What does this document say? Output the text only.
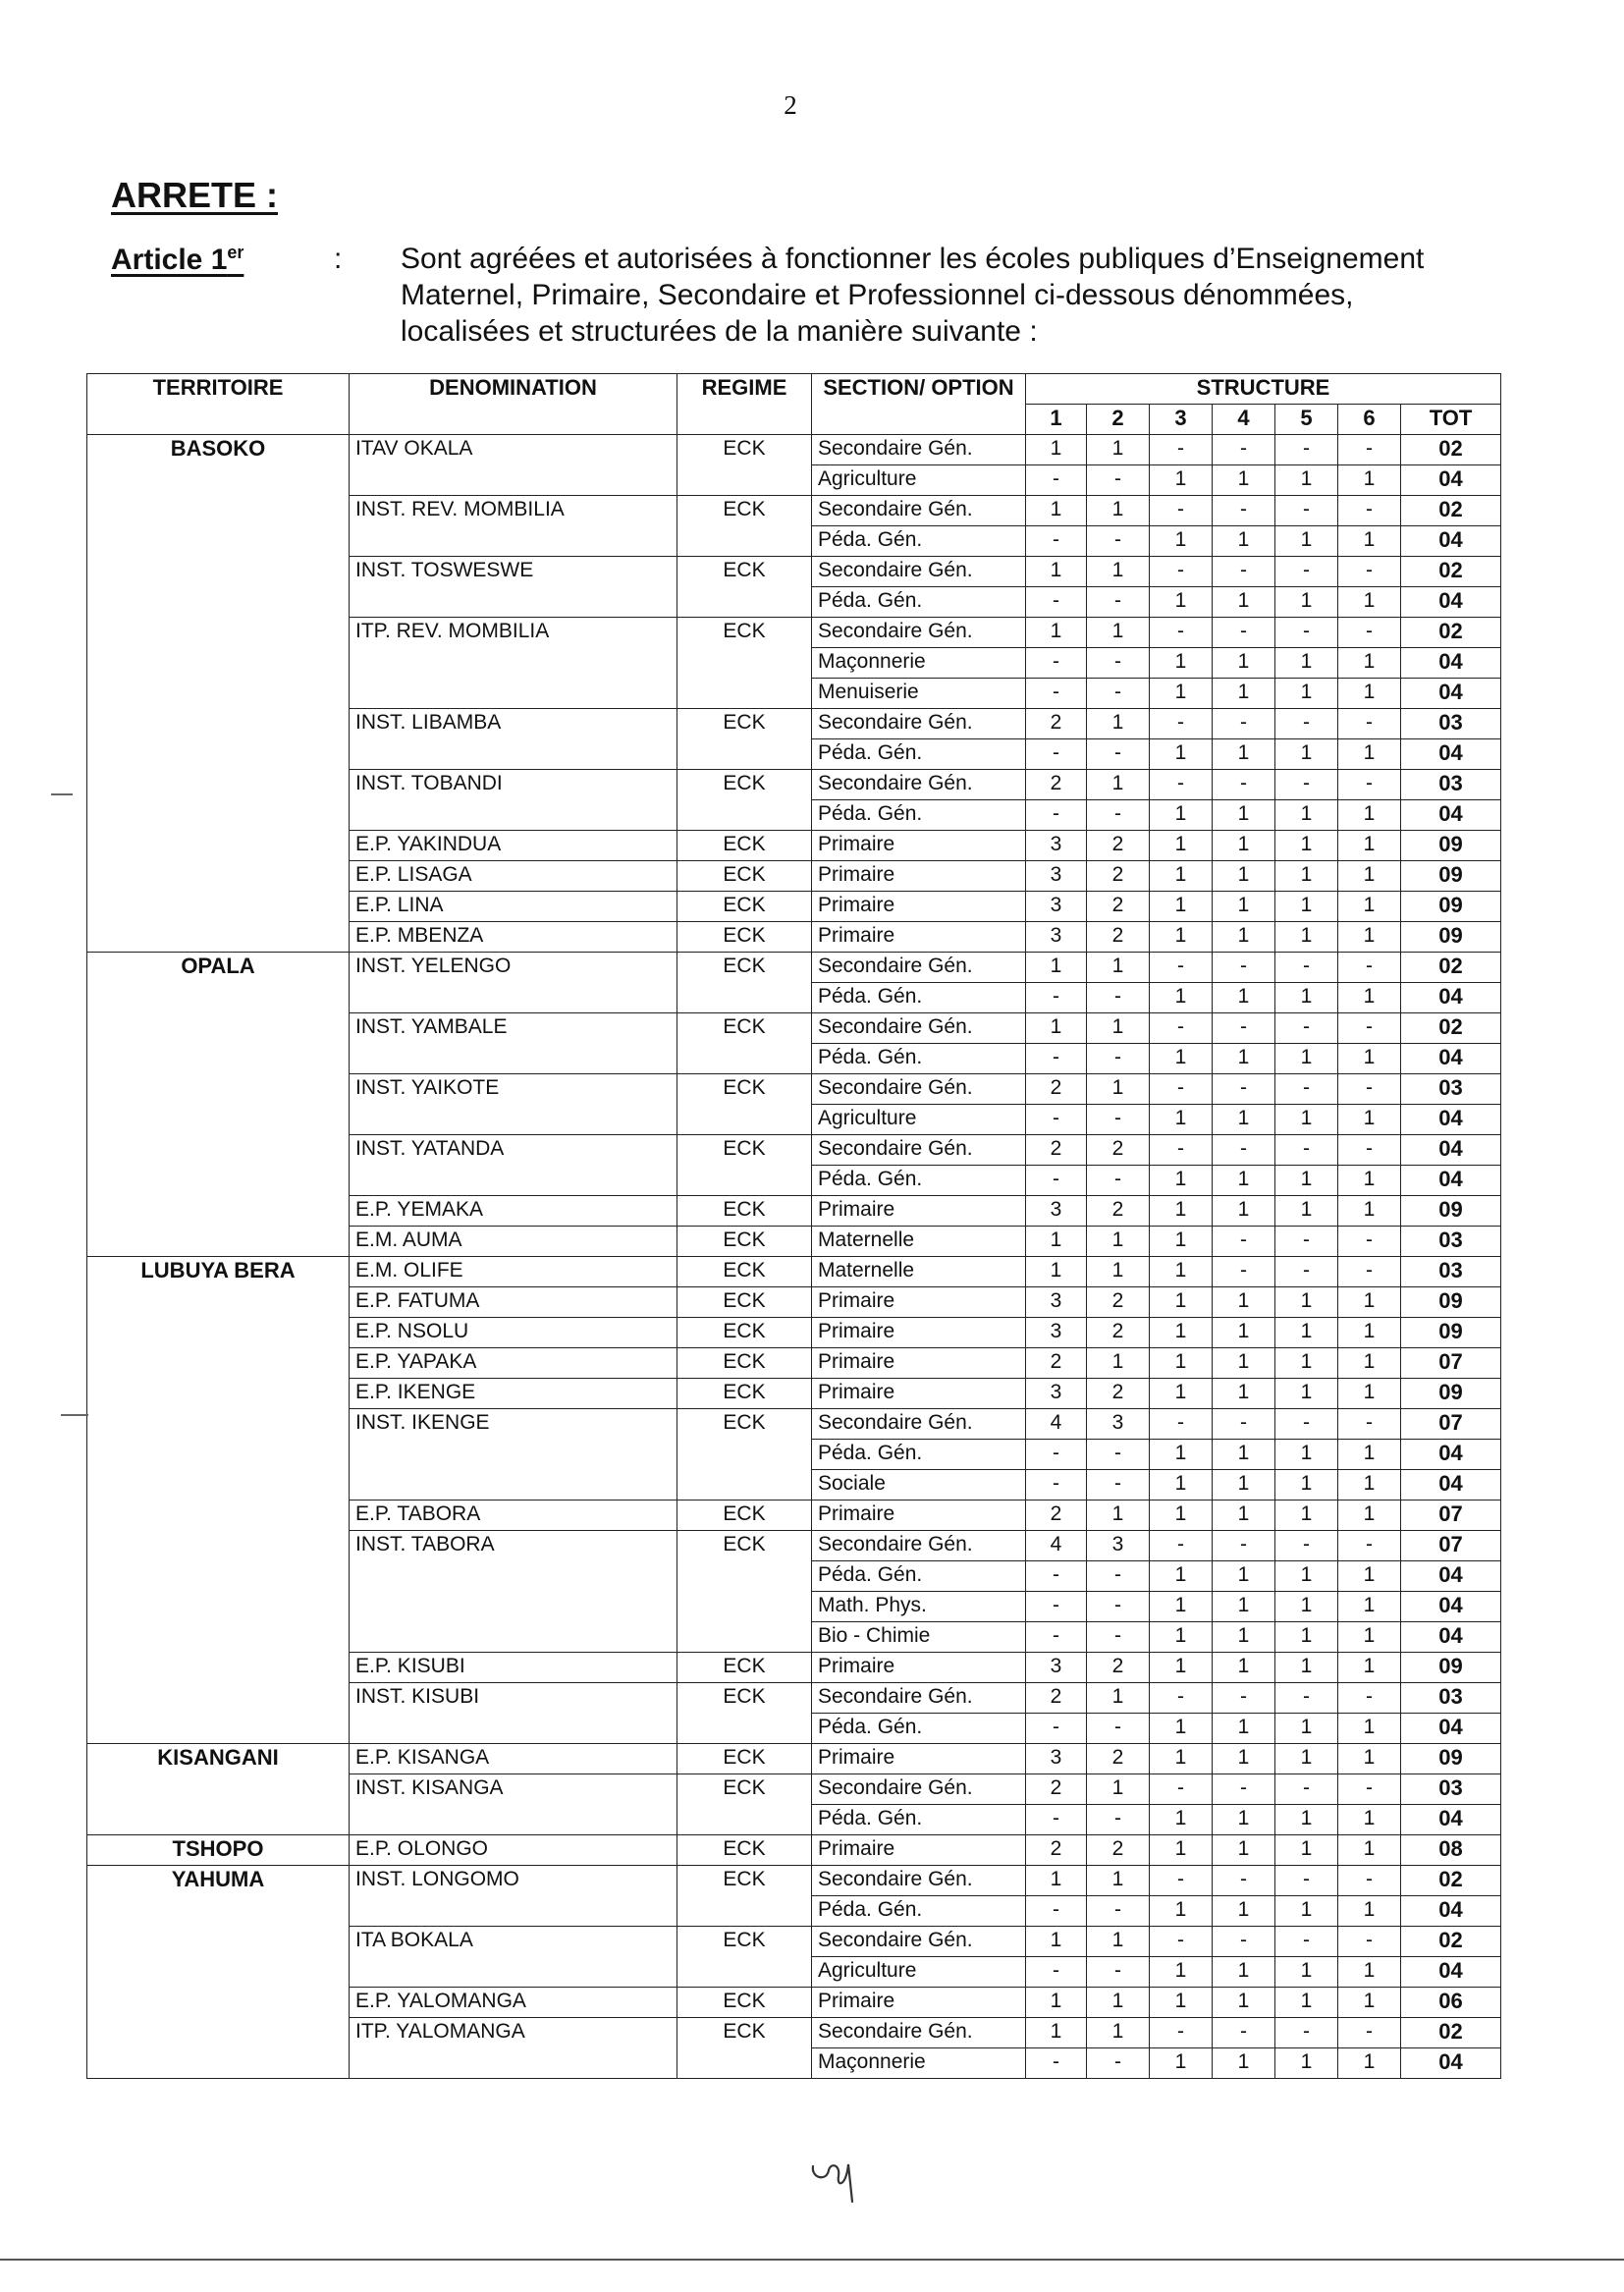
2
ARRETE :
Article 1er	: Sont agréées et autorisées à fonctionner les écoles publiques d’Enseignement Maternel, Primaire, Secondaire et Professionnel ci-dessous dénommées, localisées et structurées de la manière suivante :
TERRITOIRE	DENOMINATION	REGIME	SECTION/ OPTION	STRUCTURE						
				1	2	3	4	5	6	TOT
BASOKO	ITAV OKALA	ECK	Secondaire Gén.	1	1	-	-	-	-	02
			Agriculture	-	-	1	1	1	1	04
	INST. REV. MOMBILIA	ECK	Secondaire Gén.	1	1	-	-	-	-	02
			Péda. Gén.	-	-	1	1	1	1	04
	INST. TOSWESWE	ECK	Secondaire Gén.	1	1	-	-	-	-	02
			Péda. Gén.	-	-	1	1	1	1	04
	ITP. REV. MOMBILIA	ECK	Secondaire Gén.	1	1	-	-	-	-	02
			Maçonnerie	-	-	1	1	1	1	04
			Menuiserie	-	-	1	1	1	1	04
	INST. LIBAMBA	ECK	Secondaire Gén.	2	1	-	-	-	-	03
			Péda. Gén.	-	-	1	1	1	1	04
	INST. TOBANDI	ECK	Secondaire Gén.	2	1	-	-	-	-	03
			Péda. Gén.	-	-	1	1	1	1	04
	E.P. YAKINDUA	ECK	Primaire	3	2	1	1	1	1	09
	E.P. LISAGA	ECK	Primaire	3	2	1	1	1	1	09
	E.P. LINA	ECK	Primaire	3	2	1	1	1	1	09
	E.P. MBENZA	ECK	Primaire	3	2	1	1	1	1	09
OPALA	INST. YELENGO	ECK	Secondaire Gén.	1	1	-	-	-	-	02
			Péda. Gén.	-	-	1	1	1	1	04
	INST. YAMBALE	ECK	Secondaire Gén.	1	1	-	-	-	-	02
			Péda. Gén.	-	-	1	1	1	1	04
	INST. YAIKOTE	ECK	Secondaire Gén.	2	1	-	-	-	-	03
			Agriculture	-	-	1	1	1	1	04
	INST. YATANDA	ECK	Secondaire Gén.	2	2	-	-	-	-	04
			Péda. Gén.	-	-	1	1	1	1	04
	E.P. YEMAKA	ECK	Primaire	3	2	1	1	1	1	09
	E.M. AUMA	ECK	Maternelle	1	1	1	-	-	-	03
LUBUYA BERA	E.M. OLIFE	ECK	Maternelle	1	1	1	-	-	-	03
	E.P. FATUMA	ECK	Primaire	3	2	1	1	1	1	09
	E.P. NSOLU	ECK	Primaire	3	2	1	1	1	1	09
	E.P. YAPAKA	ECK	Primaire	2	1	1	1	1	1	07
	E.P. IKENGE	ECK	Primaire	3	2	1	1	1	1	09
	INST. IKENGE	ECK	Secondaire Gén.	4	3	-	-	-	-	07
			Péda. Gén.	-	-	1	1	1	1	04
			Sociale	-	-	1	1	1	1	04
	E.P. TABORA	ECK	Primaire	2	1	1	1	1	1	07
	INST. TABORA	ECK	Secondaire Gén.	4	3	-	-	-	-	07
			Péda. Gén.	-	-	1	1	1	1	04
			Math. Phys.	-	-	1	1	1	1	04
			Bio - Chimie	-	-	1	1	1	1	04
	E.P. KISUBI	ECK	Primaire	3	2	1	1	1	1	09
	INST. KISUBI	ECK	Secondaire Gén.	2	1	-	-	-	-	03
			Péda. Gén.	-	-	1	1	1	1	04
KISANGANI	E.P. KISANGA	ECK	Primaire	3	2	1	1	1	1	09
	INST. KISANGA	ECK	Secondaire Gén.	2	1	-	-	-	-	03
			Péda. Gén.	-	-	1	1	1	1	04
TSHOPO	E.P. OLONGO	ECK	Primaire	2	2	1	1	1	1	08
YAHUMA	INST. LONGOMO	ECK	Secondaire Gén.	1	1	-	-	-	-	02
			Péda. Gén.	-	-	1	1	1	1	04
	ITA BOKALA	ECK	Secondaire Gén.	1	1	-	-	-	-	02
			Agriculture	-	-	1	1	1	1	04
	E.P. YALOMANGA	ECK	Primaire	1	1	1	1	1	1	06
	ITP. YALOMANGA	ECK	Secondaire Gén.	1	1	-	-	-	-	02
			Maçonnerie	-	-	1	1	1	1	04
